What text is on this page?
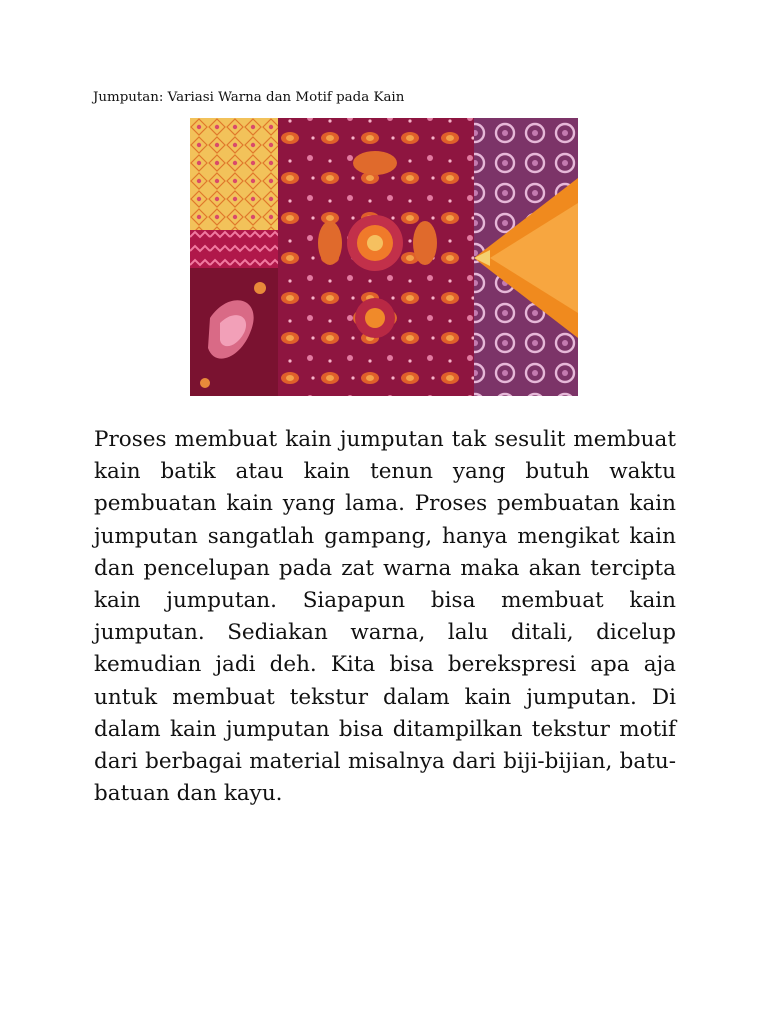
Jumputan: Variasi Warna dan Motif pada Kain

Proses membuat kain jumputan tak sesulit membuat kain batik atau kain tenun yang butuh waktu pembuatan kain yang lama. Proses pembuatan kain jumputan sangatlah gampang, hanya mengikat kain dan pencelupan pada zat warna maka akan tercipta kain jumputan. Siapapun bisa membuat kain jumputan. Sediakan warna, lalu ditali, dicelup kemudian jadi deh. Kita bisa berekspresi apa aja untuk membuat tekstur dalam kain jumputan. Di dalam kain jumputan bisa ditampilkan tekstur motif dari berbagai material misalnya dari biji-bijian, batu-batuan dan kayu.
